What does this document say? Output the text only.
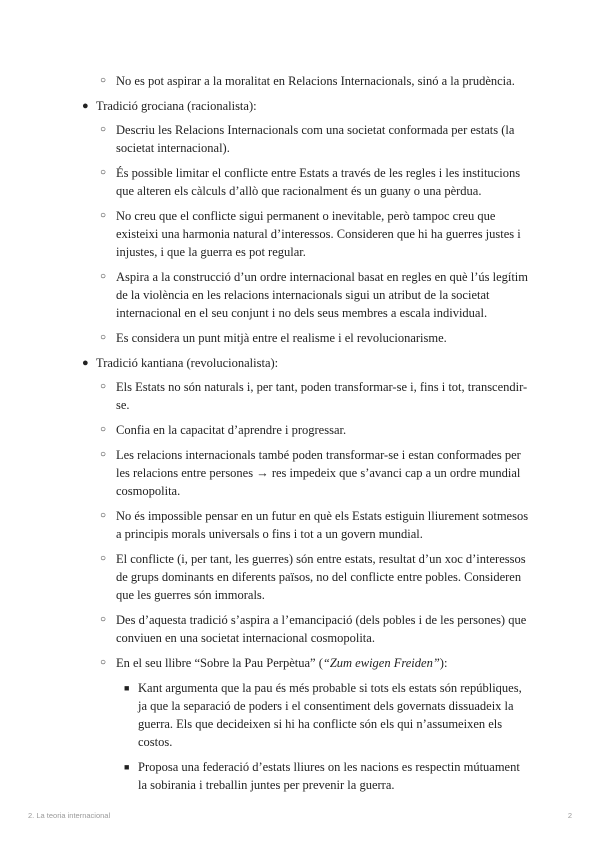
○ No es pot aspirar a la moralitat en Relacions Internacionals, sinó a la prudència.
● Tradició grociana (racionalista):
○ Descriu les Relacions Internacionals com una societat conformada per estats (la societat internacional).
○ És possible limitar el conflicte entre Estats a través de les regles i les institucions que alteren els càlculs d’allò que racionalment és un guany o una pèrdua.
○ No creu que el conflicte sigui permanent o inevitable, però tampoc creu que existeixi una harmonia natural d’interessos. Consideren que hi ha guerres justes i injustes, i que la guerra es pot regular.
○ Aspira a la construcció d’un ordre internacional basat en regles en què l’ús legítim de la violència en les relacions internacionals sigui un atribut de la societat internacional en el seu conjunt i no dels seus membres a escala individual.
○ Es considera un punt mitjà entre el realisme i el revolucionarisme.
● Tradició kantiana (revolucionalista):
○ Els Estats no són naturals i, per tant, poden transformar-se i, fins i tot, transcendir-se.
○ Confia en la capacitat d’aprendre i progressar.
○ Les relacions internacionals també poden transformar-se i estan conformades per les relacions entre persones → res impedeix que s’avanci cap a un ordre mundial cosmopolita.
○ No és impossible pensar en un futur en què els Estats estiguin lliurement sotmesos a principis morals universals o fins i tot a un govern mundial.
○ El conflicte (i, per tant, les guerres) són entre estats, resultat d’un xoc d’interessos de grups dominants en diferents països, no del conflicte entre pobles. Consideren que les guerres són immorals.
○ Des d’aquesta tradició s’aspira a l’emancipació (dels pobles i de les persones) que conviuen en una societat internacional cosmopolita.
○ En el seu llibre “Sobre la Pau Perpètua” (“Zum ewigen Freiden”):
■ Kant argumenta que la pau és més probable si tots els estats són repúbliques, ja que la separació de poders i el consentiment dels governats dissuadeix la guerra. Els que decideixen si hi ha conflicte són els qui n’assumeixen els costos.
■ Proposa una federació d’estats lliures on les nacions es respectin mútuament la sobirania i treballin juntes per prevenir la guerra.
2. La teoria internacional	2
